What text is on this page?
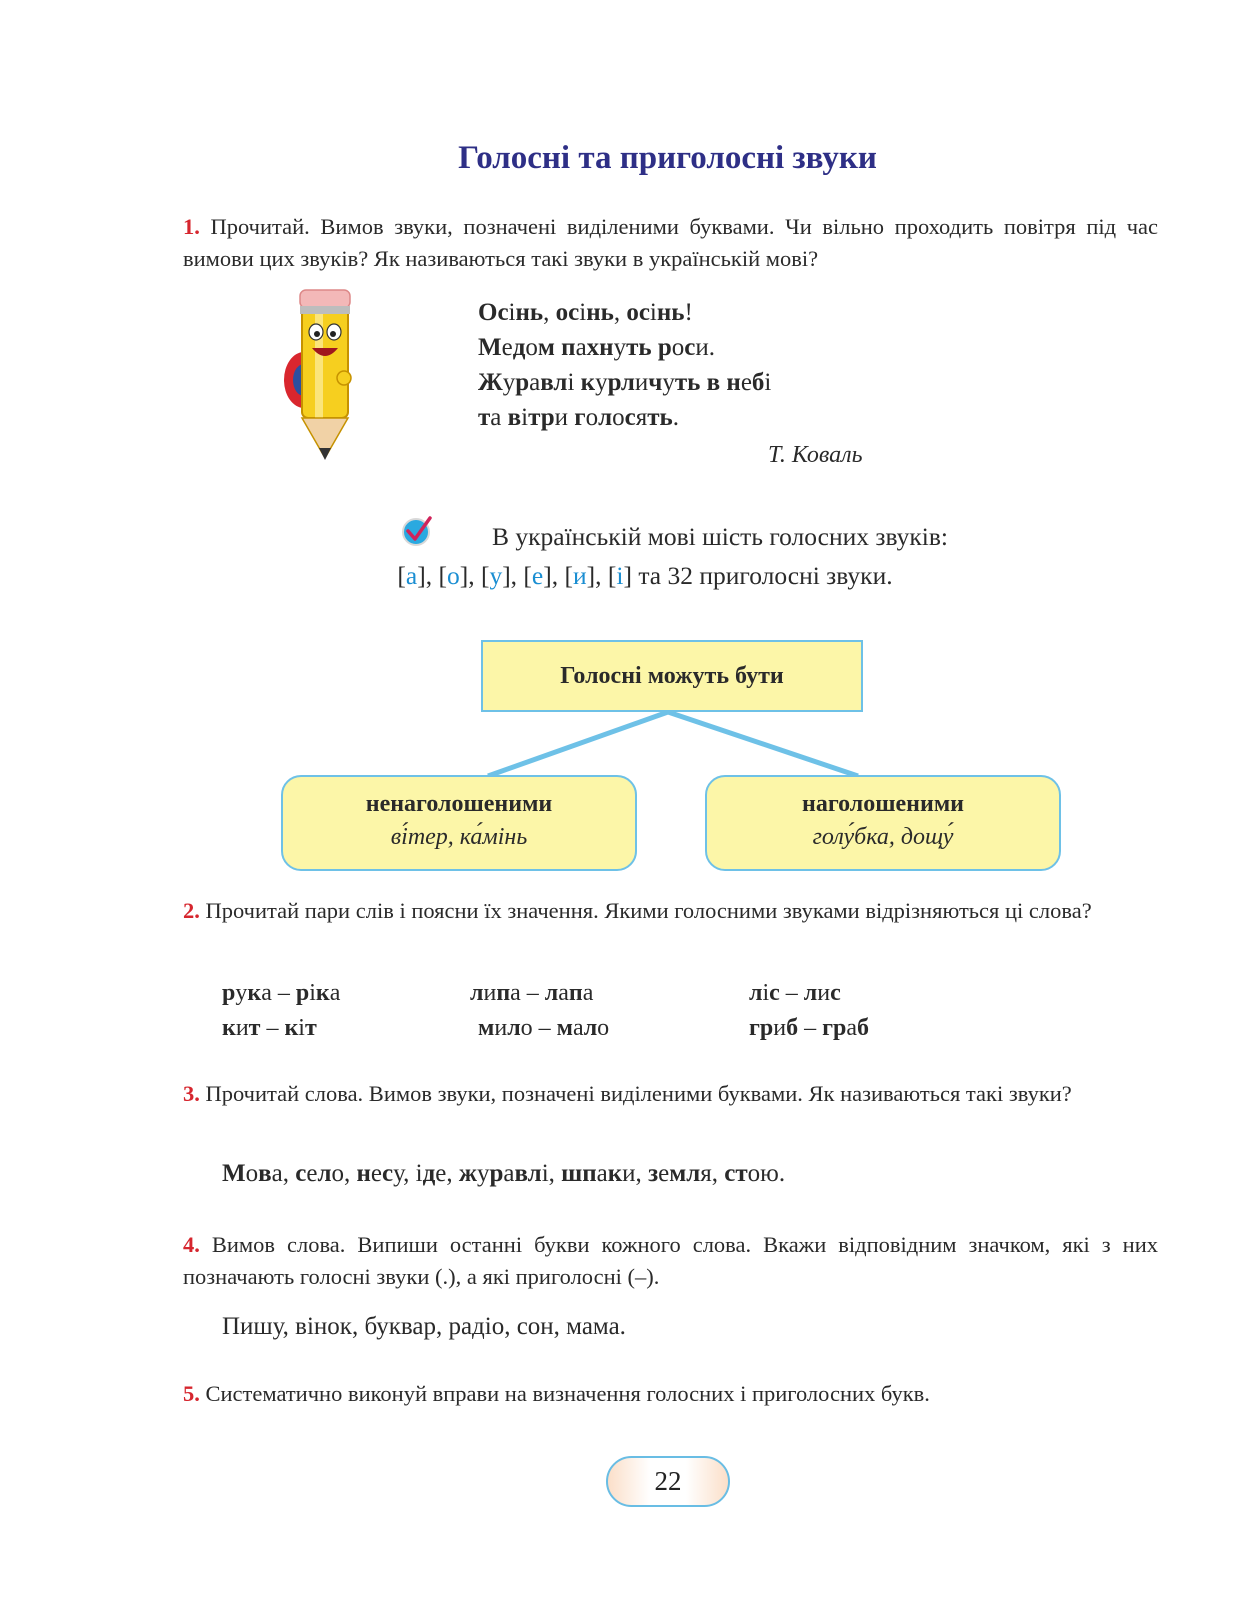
Голосні та приголосні звуки

1. Прочитай. Вимов звуки, позначені виділеними буквами. Чи вільно проходить повітря під час вимови цих звуків? Як називаються такі звуки в українській мові?

Осінь, осінь, осінь!
Медом пахнуть роси.
Журавлі курличуть в небі
та вітри голосять.
Т. Коваль
В українській мові шість голосних звуків:
[а], [о], [у], [е], [и], [і] та 32 приголосні звуки.
Голосні можуть бути
ненаголошеними
ві́тер, ка́мінь
наголошеними
голу́бка, дощу́

2. Прочитай пари слів і поясни їх значення. Якими голосними звуками відрізняються ці слова?

рука – ріка
кит – кіт
липа – лапа
мило – мало
ліс – лис
гриб – граб

3. Прочитай слова. Вимов звуки, позначені виділеними буквами. Як називаються такі звуки?

Мова, село, несу, іде, журавлі, шпаки, земля, стою.

4. Вимов слова. Випиши останні букви кожного слова. Вкажи відповідним значком, які з них позначають голосні звуки (.), а які приголосні (–).

Пишу, вінок, буквар, радіо, сон, мама.

5. Систематично виконуй вправи на визначення голосних і приголосних букв.

22
